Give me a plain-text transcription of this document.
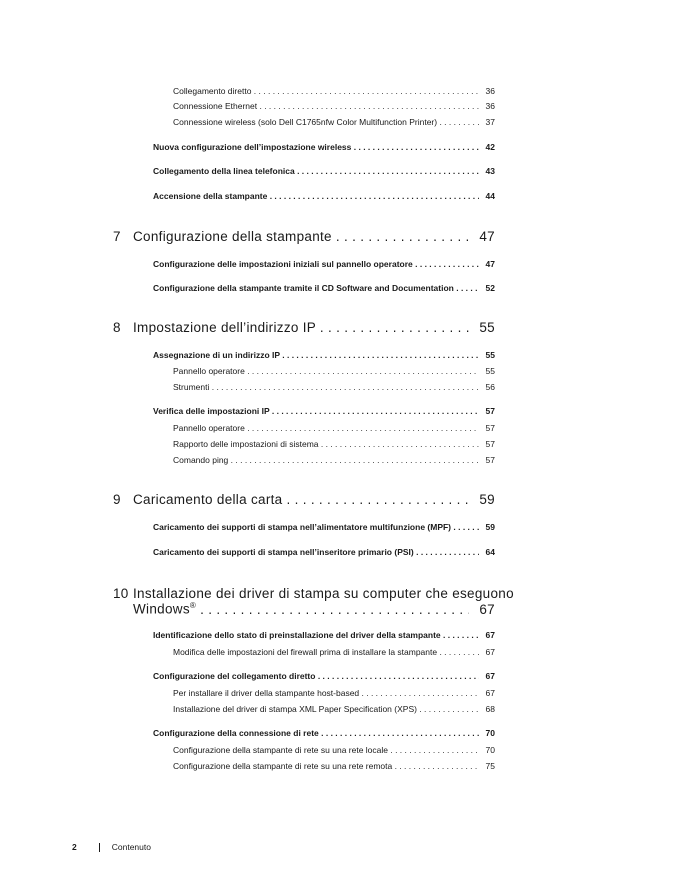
Collegamento diretto . . .	36
Connessione Ethernet . . .	36
Connessione wireless (solo Dell C1765nfw Color Multifunction Printer) . . .	37
Nuova configurazione dell’impostazione wireless . . .	42
Collegamento della linea telefonica . . .	43
Accensione della stampante . . .	44
7 Configurazione della stampante . . .	47
Configurazione delle impostazioni iniziali sul pannello operatore . . .	47
Configurazione della stampante tramite il CD Software and Documentation . . .	52
8 Impostazione dell’indirizzo IP . . .	55
Assegnazione di un indirizzo IP . . .	55
Pannello operatore . . .	55
Strumenti . . .	56
Verifica delle impostazioni IP . . .	57
Pannello operatore . . .	57
Rapporto delle impostazioni di sistema . . .	57
Comando ping . . .	57
9 Caricamento della carta . . .	59
Caricamento dei supporti di stampa nell’alimentatore multifunzione (MPF) . . .	59
Caricamento dei supporti di stampa nell’inseritore primario (PSI) . . .	64
10 Installazione dei driver di stampa su computer che eseguono
Windows® . . .	67
Identificazione dello stato di preinstallazione del driver della stampante . . .	67
Modifica delle impostazioni del firewall prima di installare la stampante . . .	67
Configurazione del collegamento diretto . . .	67
Per installare il driver della stampante host-based . . .	67
Installazione del driver di stampa XML Paper Specification (XPS) . . .	68
Configurazione della connessione di rete . . .	70
Configurazione della stampante di rete su una rete locale . . .	70
Configurazione della stampante di rete su una rete remota . . .	75
2	Contenuto
